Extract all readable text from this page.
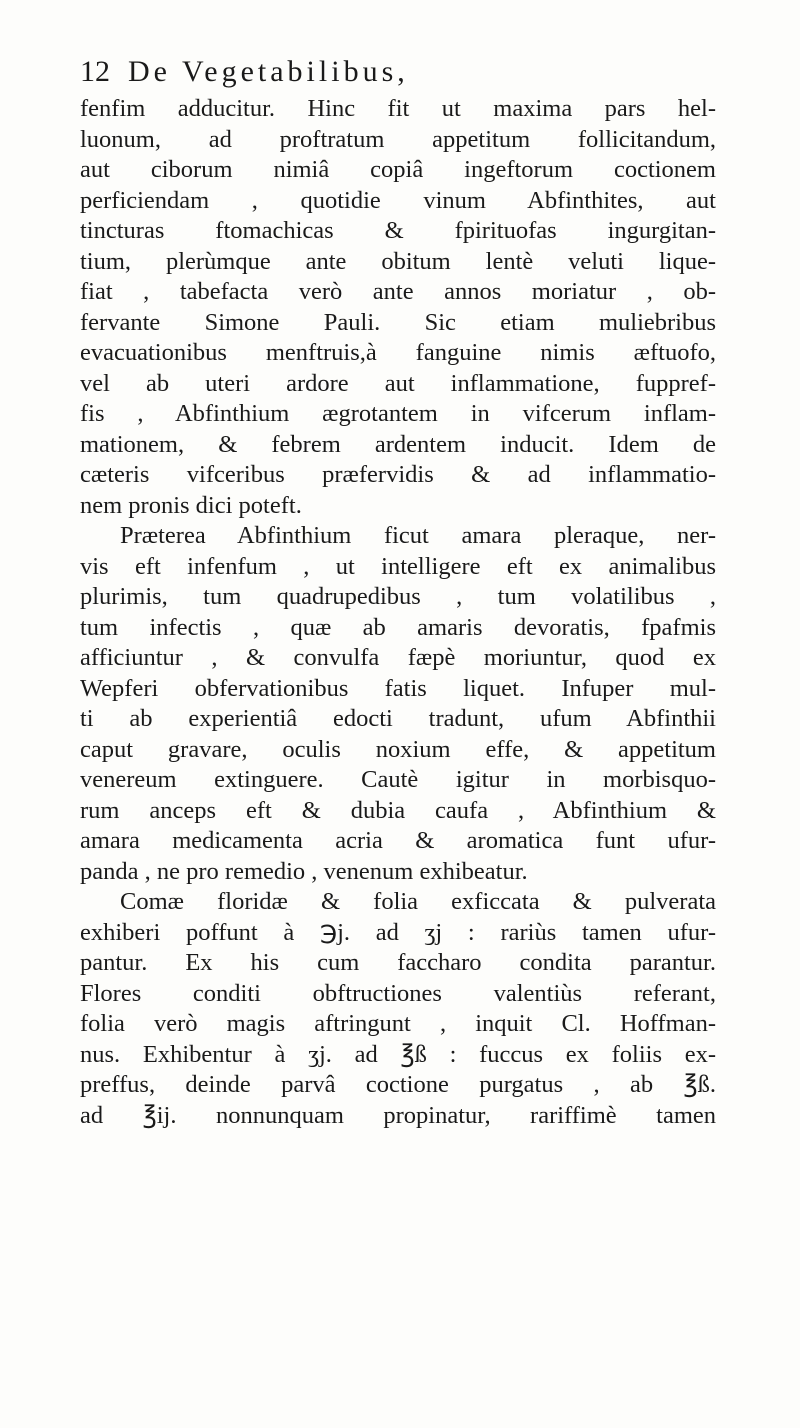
12 De Vegetabilibus,
fenfim adducitur. Hinc fit ut maxima pars hel-
luonum, ad proftratum appetitum follicitandum,
aut ciborum nimiâ copiâ ingeftorum coctionem
perficiendam , quotidie vinum Abfinthites, aut
tincturas ftomachicas & fpirituofas ingurgitan-
tium, plerùmque ante obitum lentè veluti lique-
fiat , tabefacta verò ante annos moriatur , ob-
fervante Simone Pauli. Sic etiam muliebribus
evacuationibus menftruis,à fanguine nimis æftuofo,
vel ab uteri ardore aut inflammatione, fuppref-
fis , Abfinthium ægrotantem in vifcerum inflam-
mationem, & febrem ardentem inducit. Idem de
cæteris vifceribus præfervidis & ad inflammatio-
nem pronis dici poteft.
Præterea Abfinthium ficut amara pleraque, ner-
vis eft infenfum , ut intelligere eft ex animalibus
plurimis, tum quadrupedibus , tum volatilibus ,
tum infectis , quæ ab amaris devoratis, fpafmis
afficiuntur , & convulfa fæpè moriuntur, quod ex
Wepferi obfervationibus fatis liquet. Infuper mul-
ti ab experientiâ edocti tradunt, ufum Abfinthii
caput gravare, oculis noxium effe, & appetitum
venereum extinguere. Cautè igitur in morbisquo-
rum anceps eft & dubia caufa , Abfinthium &
amara medicamenta acria & aromatica funt ufur-
panda , ne pro remedio , venenum exhibeatur.
Comæ floridæ & folia exficcata & pulverata
exhiberi poffunt à ℈j. ad ʒj : rariùs tamen ufur-
pantur. Ex his cum faccharo condita parantur.
Flores conditi obftructiones valentiùs referant,
folia verò magis aftringunt , inquit Cl. Hoffman-
nus. Exhibentur à ʒj. ad ℥ß : fuccus ex foliis ex-
preffus, deinde parvâ coctione purgatus , ab ℥ß.
ad ℥ij. nonnunquam propinatur, rariffimè tamen
